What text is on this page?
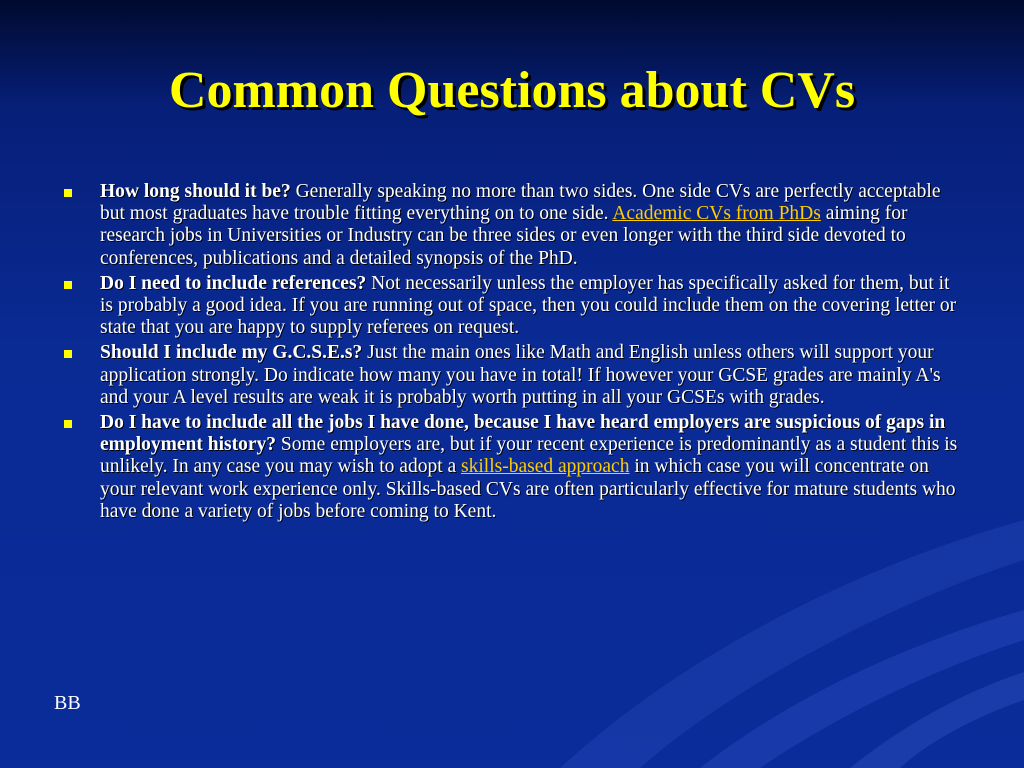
Common Questions about CVs
How long should it be? Generally speaking no more than two sides. One side CVs are perfectly acceptable but most graduates have trouble fitting everything on to one side. Academic CVs from PhDs aiming for research jobs in Universities or Industry can be three sides or even longer with the third side devoted to conferences, publications and a detailed synopsis of the PhD.
Do I need to include references? Not necessarily unless the employer has specifically asked for them, but it is probably a good idea. If you are running out of space, then you could include them on the covering letter or state that you are happy to supply referees on request.
Should I include my G.C.S.E.s? Just the main ones like Math and English unless others will support your application strongly. Do indicate how many you have in total! If however your GCSE grades are mainly A's and your A level results are weak it is probably worth putting in all your GCSEs with grades.
Do I have to include all the jobs I have done, because I have heard employers are suspicious of gaps in employment history? Some employers are, but if your recent experience is predominantly as a student this is unlikely. In any case you may wish to adopt a skills-based approach in which case you will concentrate on your relevant work experience only. Skills-based CVs are often particularly effective for mature students who have done a variety of jobs before coming to Kent.
BB
